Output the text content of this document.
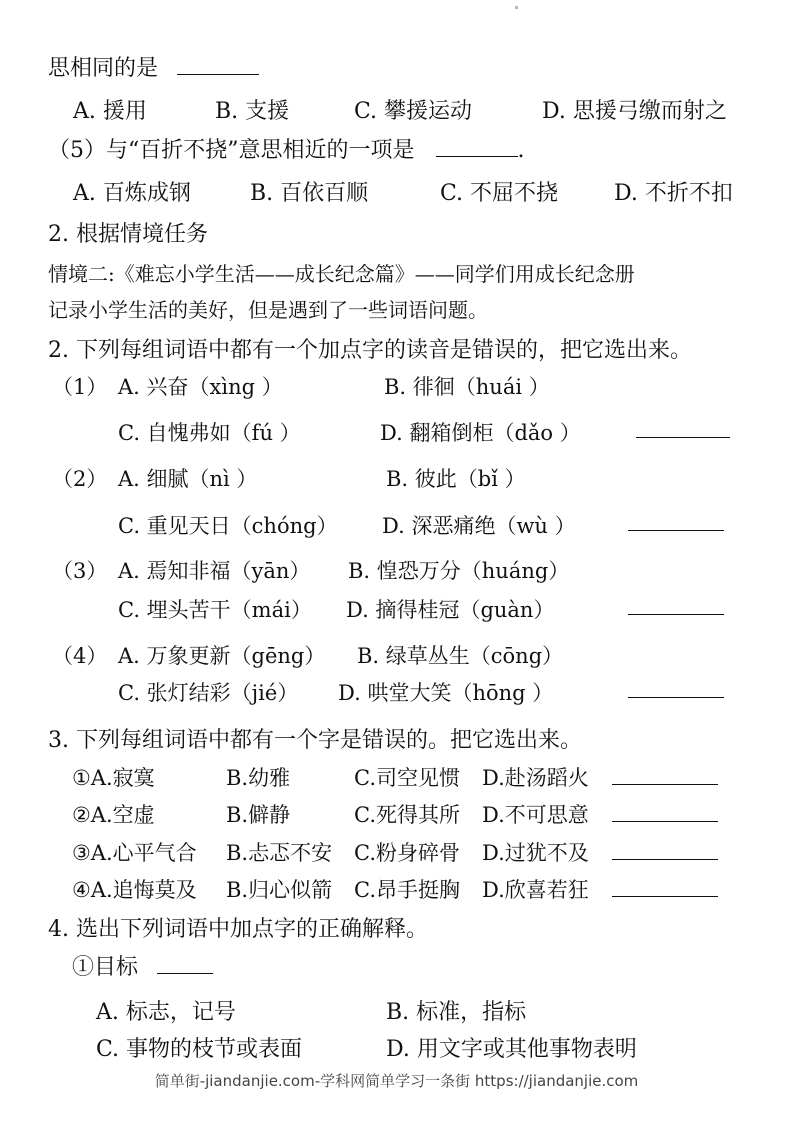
思相同的是
A. 援用	B. 支援	C. 攀援运动	D. 思援弓缴而射之
（5）与“百折不挠”意思相近的一项是	.
A. 百炼成钢	B. 百依百顺	C. 不屈不挠	D. 不折不扣
2. 根据情境任务
情境二:《难忘小学生活——成长纪念篇》——同学们用成长纪念册
记录小学生活的美好，但是遇到了一些词语问题。
2. 下列每组词语中都有一个加点字的读音是错误的，把它选出来。
（1） A. 兴奋（xìng ）	B. 徘徊（huái ）
C. 自愧弗如（fú ）	D. 翻箱倒柜（dǎo ）
（2） A. 细腻（nì ）	B. 彼此（bǐ ）
C. 重见天日（chóng） D. 深恶痛绝（wù ）
（3） A. 焉知非福（yān） B. 惶恐万分（huáng）
C. 埋头苦干（mái） D. 摘得桂冠（guàn）
（4） A. 万象更新（gēng） B. 绿草丛生（cōng）
C. 张灯结彩（jié） D. 哄堂大笑（hōng ）
3. 下列每组词语中都有一个字是错误的。把它选出来。
①A.寂寞	B.幼雅	C.司空见惯 D.赴汤蹈火
②A.空虚	B.僻静	C.死得其所 D.不可思意
③A.心平气合 B.忐忑不安 C.粉身碎骨 D.过犹不及
④A.追悔莫及 B.归心似箭 C.昂手挺胸 D.欣喜若狂
4. 选出下列词语中加点字的正确解释。
①目标
A. 标志，记号	B. 标准，指标
C. 事物的枝节或表面	D. 用文字或其他事物表明
简单街-jiandanjie.com-学科网简单学习一条街 https://jiandanjie.com
